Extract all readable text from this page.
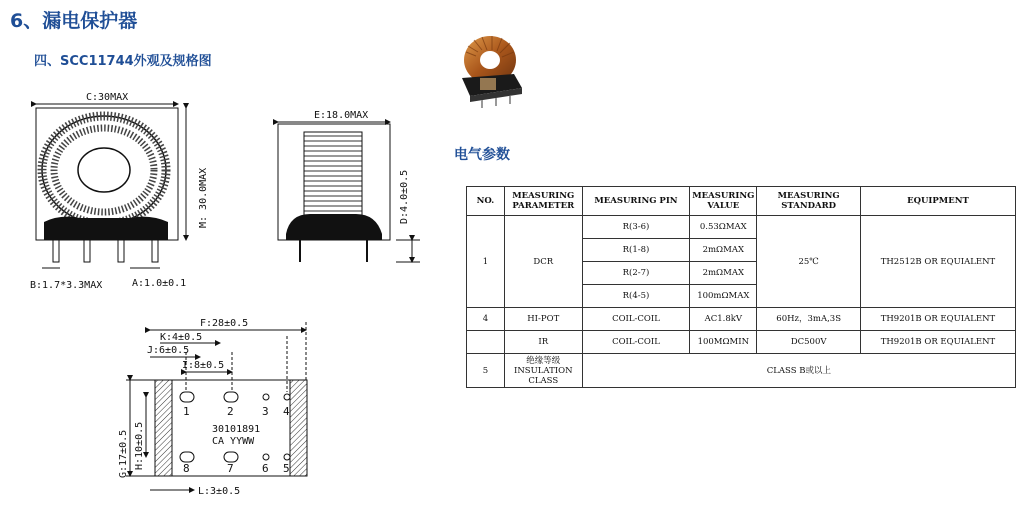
6、漏电保护器
四、SCC11744外观及规格图
电气参数
C:30MAX
M: 30.0MAX
B:1.7*3.3MAX	A:1.0±0.1
E:18.0MAX
D:4.0±0.5
1	2	3 4
8	7	6 5
30101891
CA YYWW
F:28±0.5
K:4±0.5
J:6±0.5
I:8±0.5
G:17±0.5 H:10±0.5
L:3±0.5
NO.	MEASURING PARAMETER	MEASURING PIN	MEASURING VALUE	MEASURING STANDARD	EQUIPMENT
1	DCR	R(3-6)	0.53ΩMAX	25℃	TH2512B OR EQUIALENT
		R(1-8)	2mΩMAX		
		R(2-7)	2mΩMAX		
		R(4-5)	100mΩMAX		
4	HI-POT	COIL-COIL	AC1.8kV	60Hz，3mA,3S	TH9201B OR EQUIALENT
	IR	COIL-COIL	100MΩMIN	DC500V	TH9201B OR EQUIALENT
5	绝缘等级
INSULATION CLASS	CLASS B或以上			
